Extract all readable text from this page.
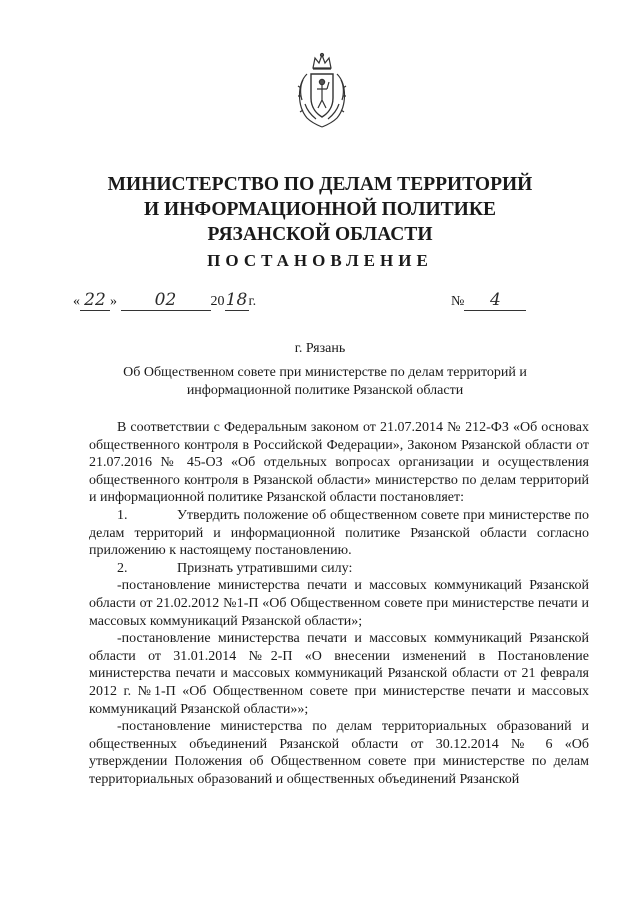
МИНИСТЕРСТВО ПО ДЕЛАМ ТЕРРИТОРИЙ
И ИНФОРМАЦИОННОЙ ПОЛИТИКЕ
РЯЗАНСКОЙ ОБЛАСТИ
ПОСТАНОВЛЕНИЕ
« 22 » 02 2018г.	№ 4
г. Рязань
Об Общественном совете при министерстве по делам территорий и информационной политике Рязанской области

В соответствии с Федеральным законом от 21.07.2014 № 212-ФЗ «Об основах общественного контроля в Российской Федерации», Законом Рязанской области от 21.07.2016 № 45-ОЗ «Об отдельных вопросах организации и осуществления общественного контроля в Рязанской области» министерство по делам территорий и информационной политике Рязанской области постановляет:

1.	Утвердить положение об общественном совете при министерстве по делам территорий и информационной политике Рязанской области согласно приложению к настоящему постановлению.

2.	Признать утратившими силу:

-постановление министерства печати и массовых коммуникаций Рязанской области от 21.02.2012 №1-П «Об Общественном совете при министерстве печати и массовых коммуникаций Рязанской области»;

-постановление министерства печати и массовых коммуникаций Рязанской области от 31.01.2014 №2-П «О внесении изменений в Постановление министерства печати и массовых коммуникаций Рязанской области от 21 февраля 2012 г. №1-П «Об Общественном совете при министерстве печати и массовых коммуникаций Рязанской области»»;

-постановление министерства по делам территориальных образований и общественных объединений Рязанской области от 30.12.2014 № 6 «Об утверждении Положения об Общественном совете при министерстве по делам территориальных образований и общественных объединений Рязанской
